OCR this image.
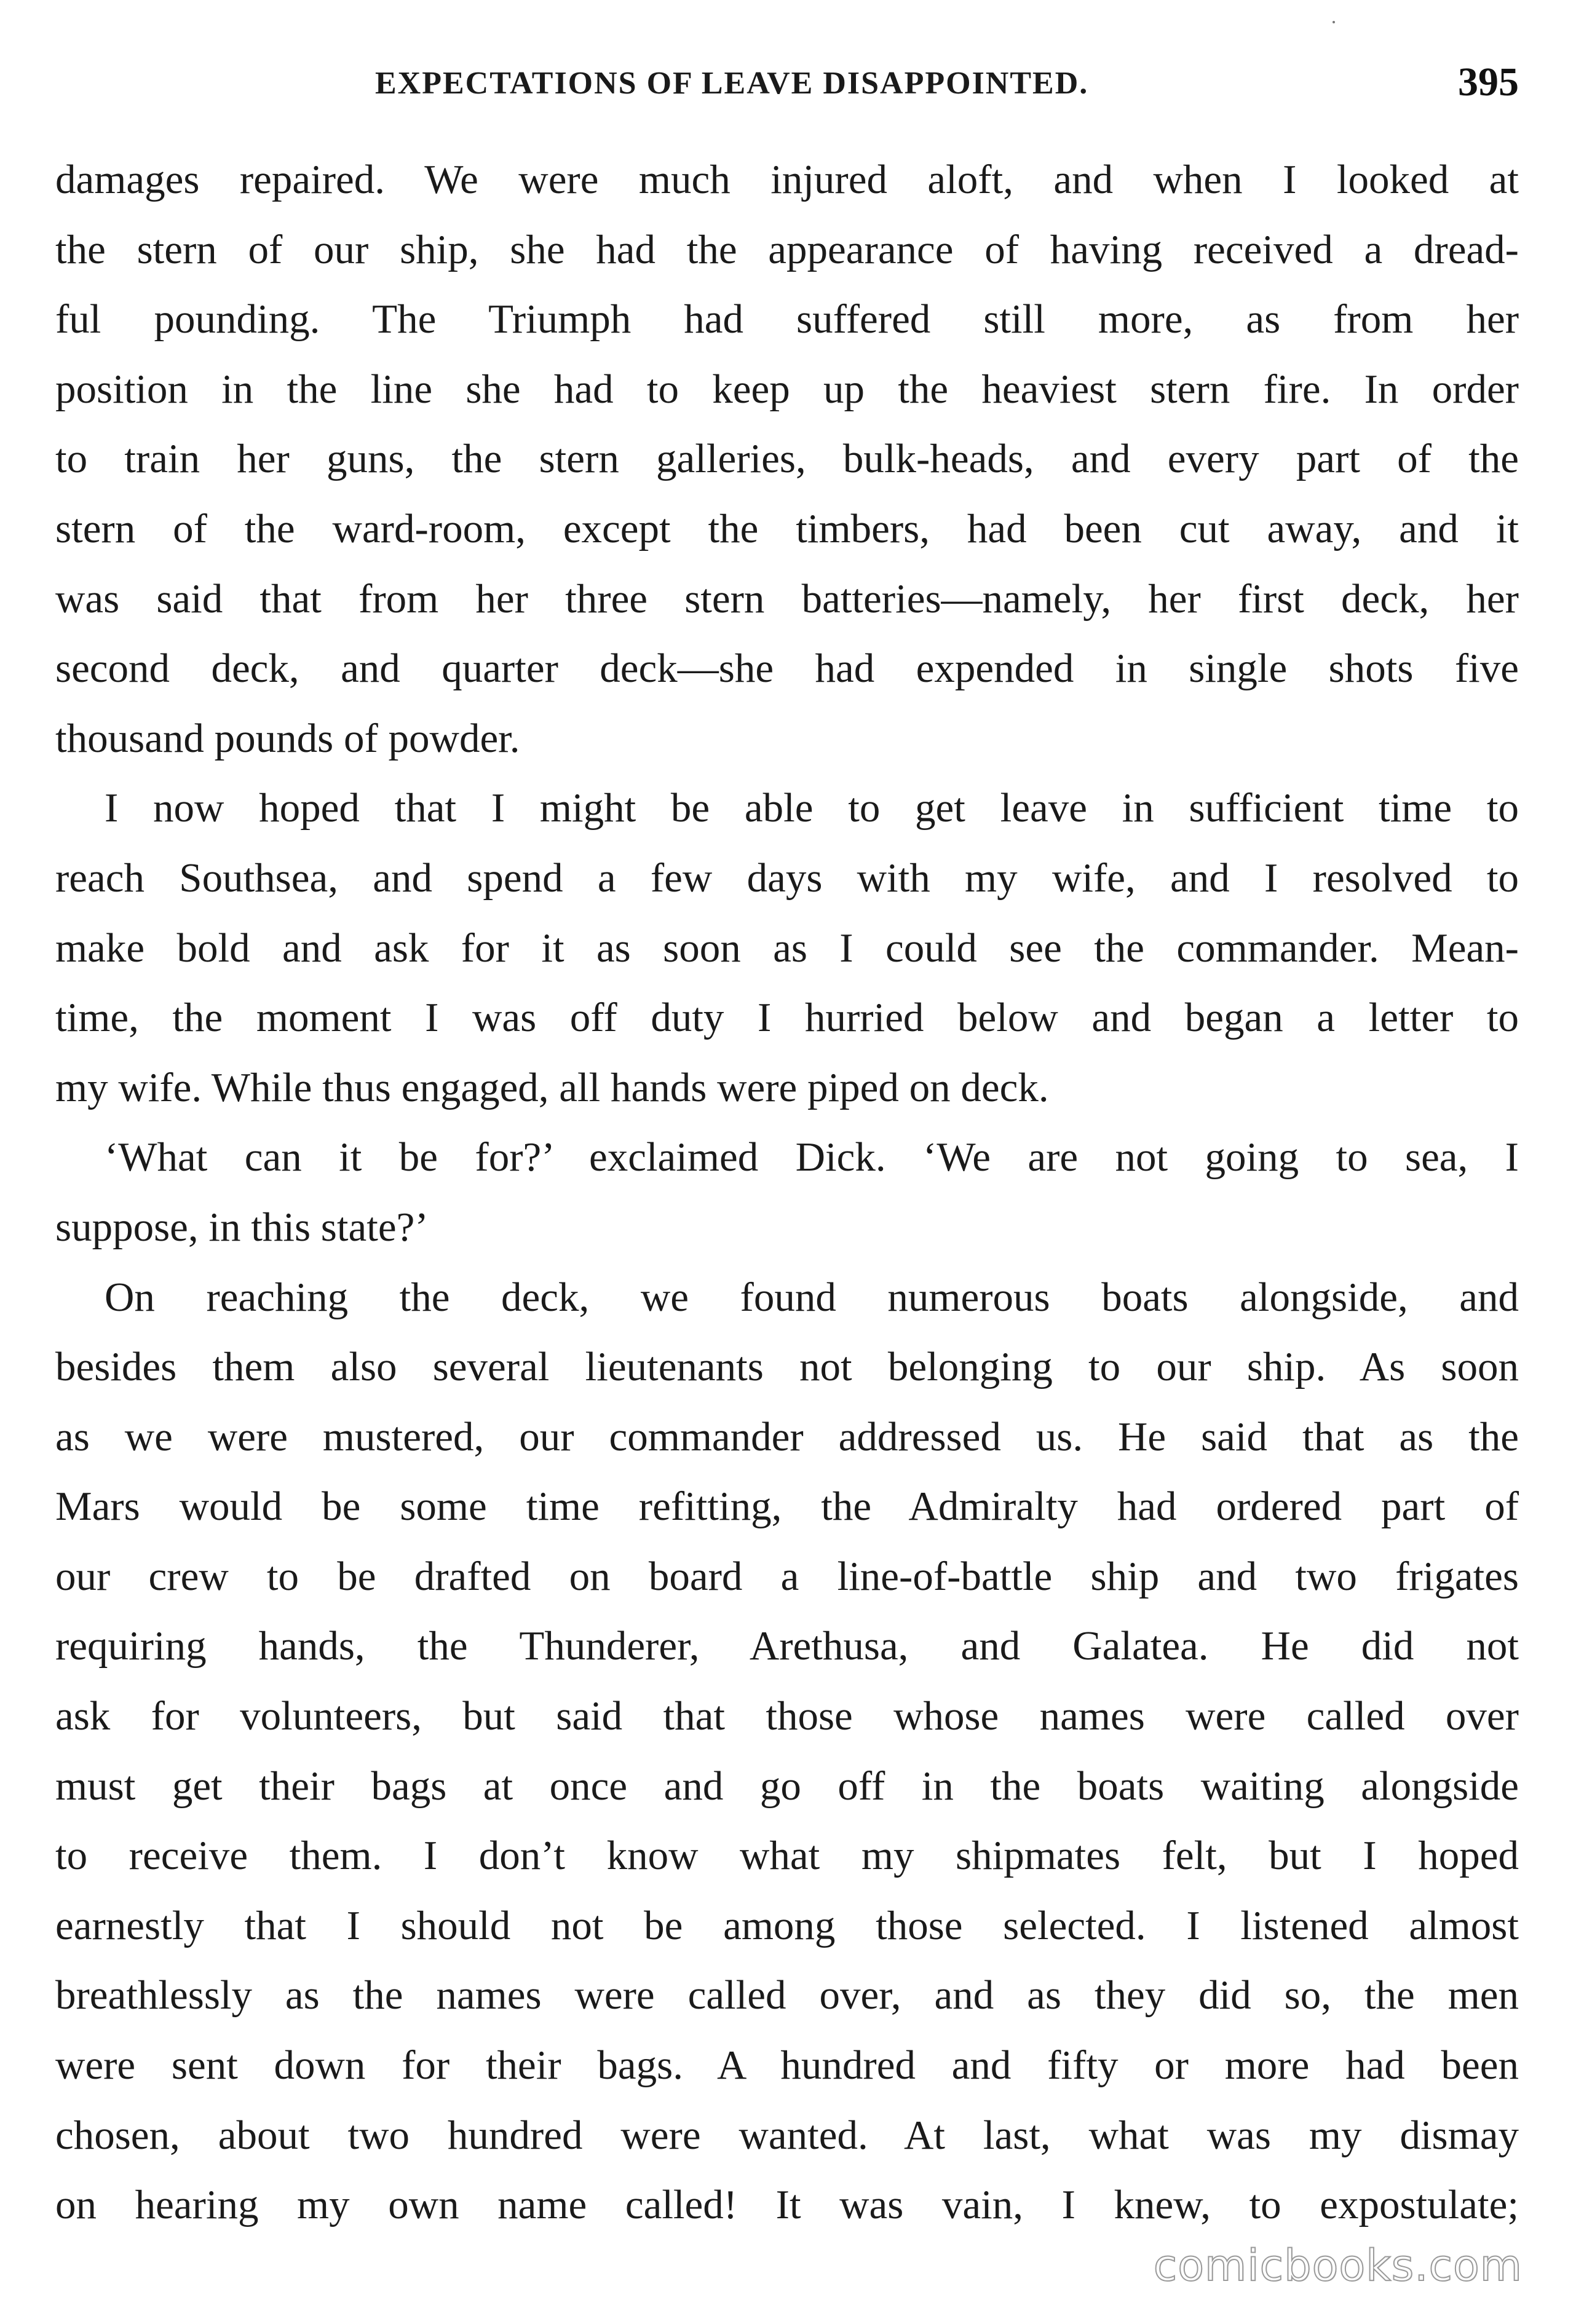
EXPECTATIONS OF LEAVE DISAPPOINTED.	395
damages repaired. We were much injured aloft, and when I looked at
the stern of our ship, she had the appearance of having received a dread-
ful pounding. The Triumph had suffered still more, as from her
position in the line she had to keep up the heaviest stern fire. In order
to train her guns, the stern galleries, bulk-heads, and every part of the
stern of the ward-room, except the timbers, had been cut away, and it
was said that from her three stern batteries—namely, her first deck, her
second deck, and quarter deck—she had expended in single shots five
thousand pounds of powder.
I now hoped that I might be able to get leave in sufficient time to
reach Southsea, and spend a few days with my wife, and I resolved to
make bold and ask for it as soon as I could see the commander. Mean-
time, the moment I was off duty I hurried below and began a letter to
my wife. While thus engaged, all hands were piped on deck.
‘What can it be for?’ exclaimed Dick. ‘We are not going to sea, I
suppose, in this state?’
On reaching the deck, we found numerous boats alongside, and
besides them also several lieutenants not belonging to our ship. As soon
as we were mustered, our commander addressed us. He said that as the
Mars would be some time refitting, the Admiralty had ordered part of
our crew to be drafted on board a line-of-battle ship and two frigates
requiring hands, the Thunderer, Arethusa, and Galatea. He did not
ask for volunteers, but said that those whose names were called over
must get their bags at once and go off in the boats waiting alongside
to receive them. I don’t know what my shipmates felt, but I hoped
earnestly that I should not be among those selected. I listened almost
breathlessly as the names were called over, and as they did so, the men
were sent down for their bags. A hundred and fifty or more had been
chosen, about two hundred were wanted. At last, what was my dismay
on hearing my own name called! It was vain, I knew, to expostulate;
comicbooks.com
